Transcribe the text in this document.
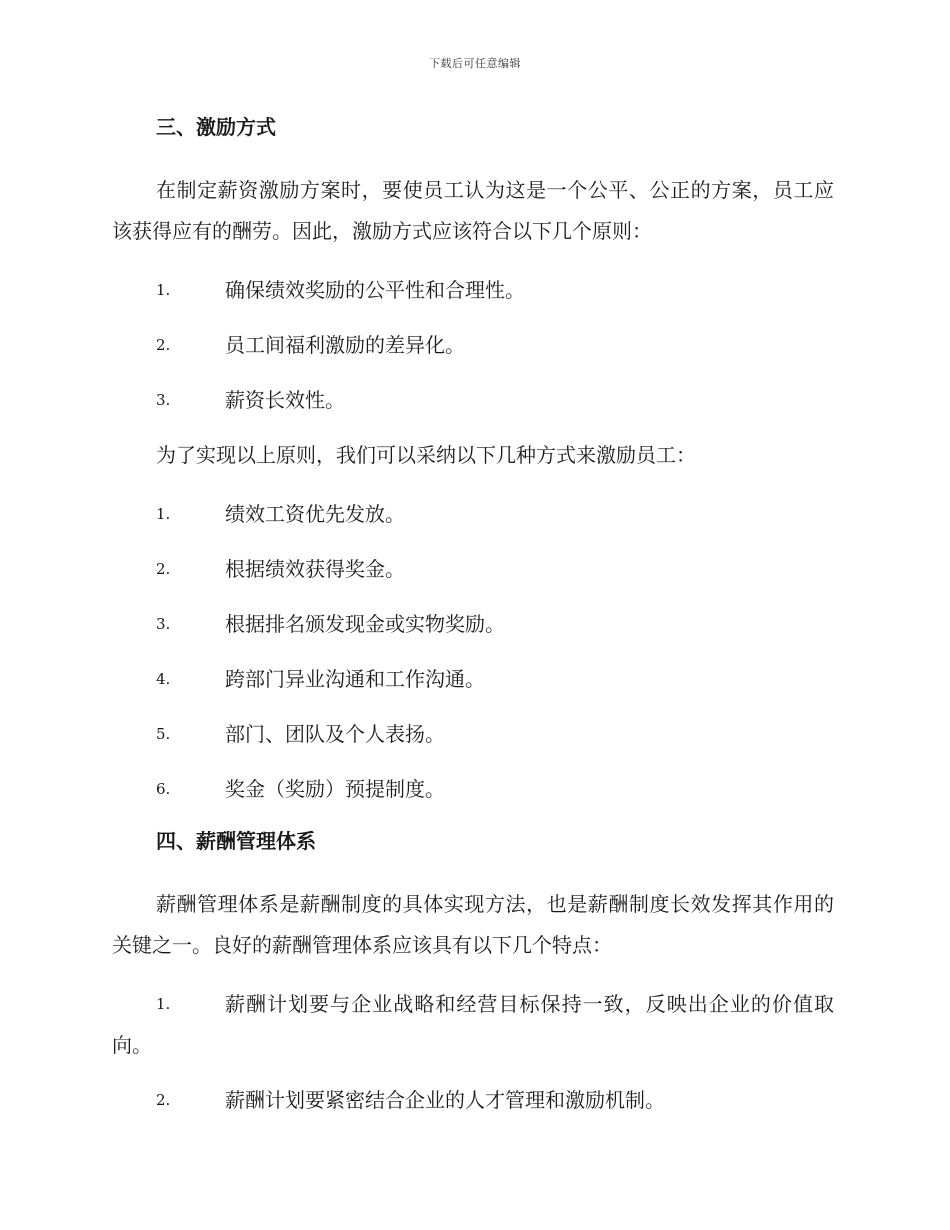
下载后可任意编辑
三、激励方式

在制定薪资激励方案时，要使员工认为这是一个公平、公正的方案，员工应该获得应有的酬劳。因此，激励方式应该符合以下几个原则：

1.	确保绩效奖励的公平性和合理性。
2.	员工间福利激励的差异化。
3.	薪资长效性。

为了实现以上原则，我们可以采纳以下几种方式来激励员工：

1.	绩效工资优先发放。
2.	根据绩效获得奖金。
3.	根据排名颁发现金或实物奖励。
4.	跨部门异业沟通和工作沟通。
5.	部门、团队及个人表扬。
6.	奖金（奖励）预提制度。
四、薪酬管理体系

薪酬管理体系是薪酬制度的具体实现方法，也是薪酬制度长效发挥其作用的关键之一。良好的薪酬管理体系应该具有以下几个特点：

1.	薪酬计划要与企业战略和经营目标保持一致，反映出企业的价值取向。
2.	薪酬计划要紧密结合企业的人才管理和激励机制。
